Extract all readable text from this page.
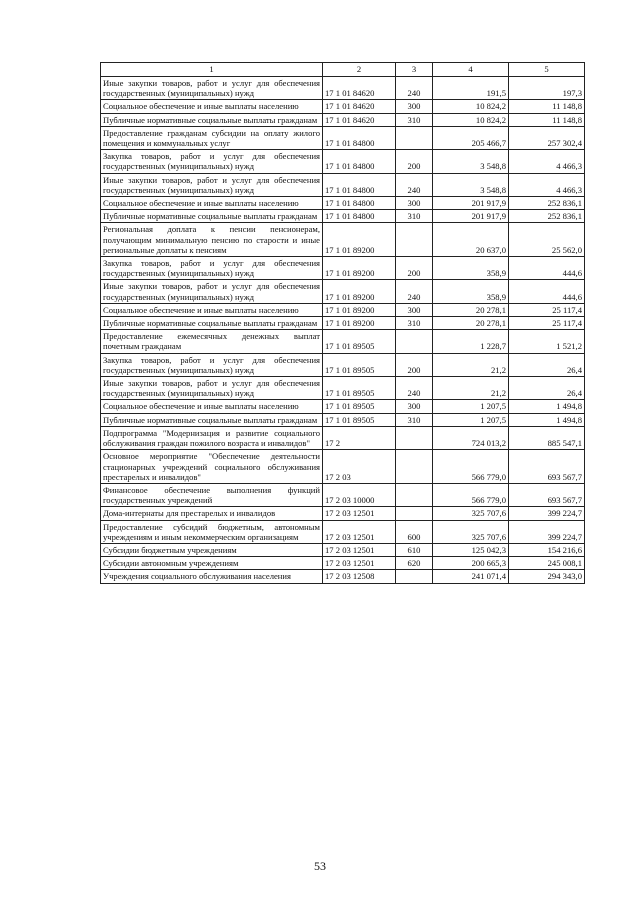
1	2	3	4	5
Иные закупки товаров, работ и услуг для обеспечения государственных (муниципальных) нужд	17 1 01 84620	240	191,5	197,3
Социальное обеспечение и иные выплаты населению	17 1 01 84620	300	10 824,2	11 148,8
Публичные нормативные социальные выплаты гражданам	17 1 01 84620	310	10 824,2	11 148,8
Предоставление гражданам субсидии на оплату жилого помещения и коммунальных услуг	17 1 01 84800		205 466,7	257 302,4
Закупка товаров, работ и услуг для обеспечения государственных (муниципальных) нужд	17 1 01 84800	200	3 548,8	4 466,3
Иные закупки товаров, работ и услуг для обеспечения государственных (муниципальных) нужд	17 1 01 84800	240	3 548,8	4 466,3
Социальное обеспечение и иные выплаты населению	17 1 01 84800	300	201 917,9	252 836,1
Публичные нормативные социальные выплаты гражданам	17 1 01 84800	310	201 917,9	252 836,1
Региональная доплата к пенсии пенсионерам, получающим минимальную пенсию по старости и иные региональные доплаты к пенсиям	17 1 01 89200		20 637,0	25 562,0
Закупка товаров, работ и услуг для обеспечения государственных (муниципальных) нужд	17 1 01 89200	200	358,9	444,6
Иные закупки товаров, работ и услуг для обеспечения государственных (муниципальных) нужд	17 1 01 89200	240	358,9	444,6
Социальное обеспечение и иные выплаты населению	17 1 01 89200	300	20 278,1	25 117,4
Публичные нормативные социальные выплаты гражданам	17 1 01 89200	310	20 278,1	25 117,4
Предоставление ежемесячных денежных выплат почетным гражданам	17 1 01 89505		1 228,7	1 521,2
Закупка товаров, работ и услуг для обеспечения государственных (муниципальных) нужд	17 1 01 89505	200	21,2	26,4
Иные закупки товаров, работ и услуг для обеспечения государственных (муниципальных) нужд	17 1 01 89505	240	21,2	26,4
Социальное обеспечение и иные выплаты населению	17 1 01 89505	300	1 207,5	1 494,8
Публичные нормативные социальные выплаты гражданам	17 1 01 89505	310	1 207,5	1 494,8
Подпрограмма "Модернизация и развитие социального обслуживания граждан пожилого возраста и инвалидов"	17 2		724 013,2	885 547,1
Основное мероприятие "Обеспечение деятельности стационарных учреждений социального обслуживания престарелых и инвалидов"	17 2 03		566 779,0	693 567,7
Финансовое обеспечение выполнения функций государственных учреждений	17 2 03 10000		566 779,0	693 567,7
Дома-интернаты для престарелых и инвалидов	17 2 03 12501		325 707,6	399 224,7
Предоставление субсидий бюджетным, автономным учреждениям и иным некоммерческим организациям	17 2 03 12501	600	325 707,6	399 224,7
Субсидии бюджетным учреждениям	17 2 03 12501	610	125 042,3	154 216,6
Субсидии автономным учреждениям	17 2 03 12501	620	200 665,3	245 008,1
Учреждения социального обслуживания населения	17 2 03 12508		241 071,4	294 343,0
53
